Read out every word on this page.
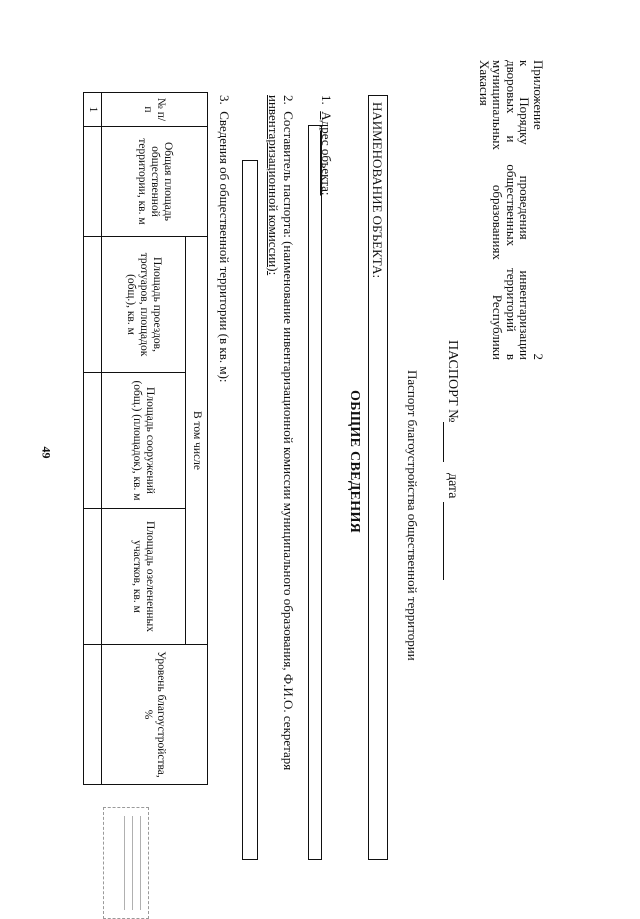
49
Приложение 2
к Порядку проведения инвентаризации
дворовых и общественных территорий в
муниципальных образованиях Республики
Хакасия
ПАСПОРТ №    дата
Паспорт благоустройства общественной территории
НАИМЕНОВАНИЕ ОБЪЕКТА:
ОБЩИЕ СВЕДЕНИЯ
1.  Адрес объекта:
2.  Составитель паспорта: (наименование инвентаризационной комиссии муниципального образования, Ф.И.О. секретаря
инвентаризационной комиссии):
3.  Сведения об общественной территории (в кв. м):
№ п/п	Общая площадь общественной территории, кв. м	В том числе			Уровень благоустройства, %
		Площадь проездов, тротуаров, площадок (общ.), кв. м	Площадь сооружений (общ.) (площадок), кв. м	Площадь озелененных участков, кв. м	
1					
